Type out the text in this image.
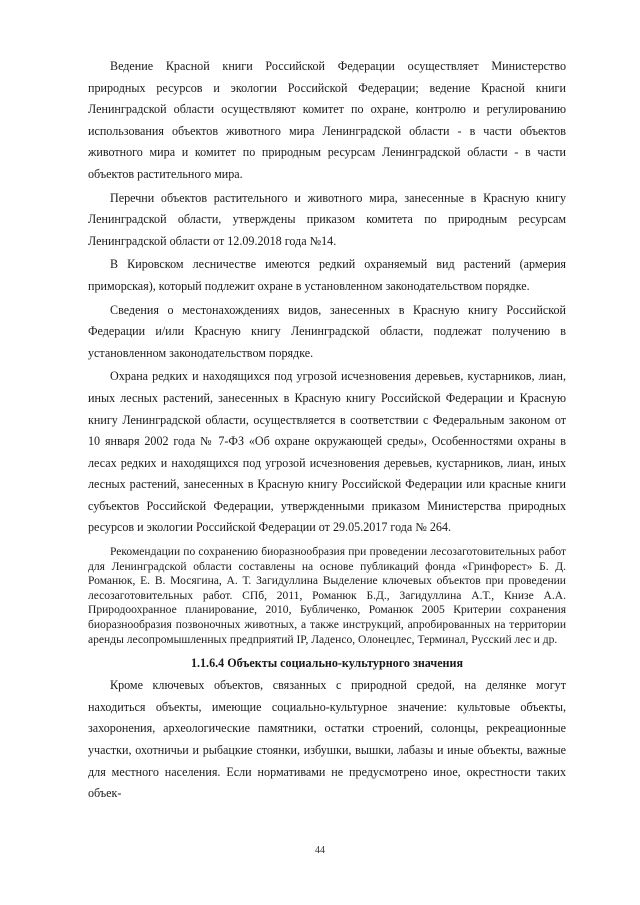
Ведение Красной книги Российской Федерации осуществляет Министерство природных ресурсов и экологии Российской Федерации; ведение Красной книги Ленинградской области осуществляют комитет по охране, контролю и регулированию использования объектов животного мира Ленинградской области - в части объектов животного мира и комитет по природным ресурсам Ленинградской области - в части объектов растительного мира.

Перечни объектов растительного и животного мира, занесенные в Красную книгу Ленинградской области, утверждены приказом комитета по природным ресурсам Ленинградской области от 12.09.2018 года №14.

В Кировском лесничестве имеются редкий охраняемый вид растений (армерия приморская), который подлежит охране в установленном законодательством порядке.

Сведения о местонахождениях видов, занесенных в Красную книгу Российской Федерации и/или Красную книгу Ленинградской области, подлежат получению в установленном законодательством порядке.

Охрана редких и находящихся под угрозой исчезновения деревьев, кустарников, лиан, иных лесных растений, занесенных в Красную книгу Российской Федерации и Красную книгу Ленинградской области, осуществляется в соответствии с Федеральным законом от 10 января 2002 года № 7-ФЗ «Об охране окружающей среды», Особенностями охраны в лесах редких и находящихся под угрозой исчезновения деревьев, кустарников, лиан, иных лесных растений, занесенных в Красную книгу Российской Федерации или красные книги субъектов Российской Федерации, утвержденными приказом Министерства природных ресурсов и экологии Российской Федерации от 29.05.2017 года № 264.

Рекомендации по сохранению биоразнообразия при проведении лесозаготовительных работ для Ленинградской области составлены на основе публикаций фонда «Гринфорест» Б. Д. Романюк, Е. В. Мосягина, А. Т. Загидуллина Выделение ключевых объектов при проведении лесозаготовительных работ. СПб, 2011, Романюк Б.Д., Загидуллина А.Т., Книзе А.А. Природоохранное планирование, 2010, Бубличенко, Романюк 2005 Критерии сохранения биоразнообразия позвоночных животных, а также инструкций, апробированных на территории аренды лесопромышленных предприятий IP, Ладенсо, Олонецлес, Терминал, Русский лес и др.

1.1.6.4 Объекты социально-культурного значения

Кроме ключевых объектов, связанных с природной средой, на делянке могут находиться объекты, имеющие социально-культурное значение: культовые объекты, захоронения, археологические памятники, остатки строений, солонцы, рекреационные участки, охотничьи и рыбацкие стоянки, избушки, вышки, лабазы и иные объекты, важные для местного населения. Если нормативами не предусмотрено иное, окрестности таких объек-

44
